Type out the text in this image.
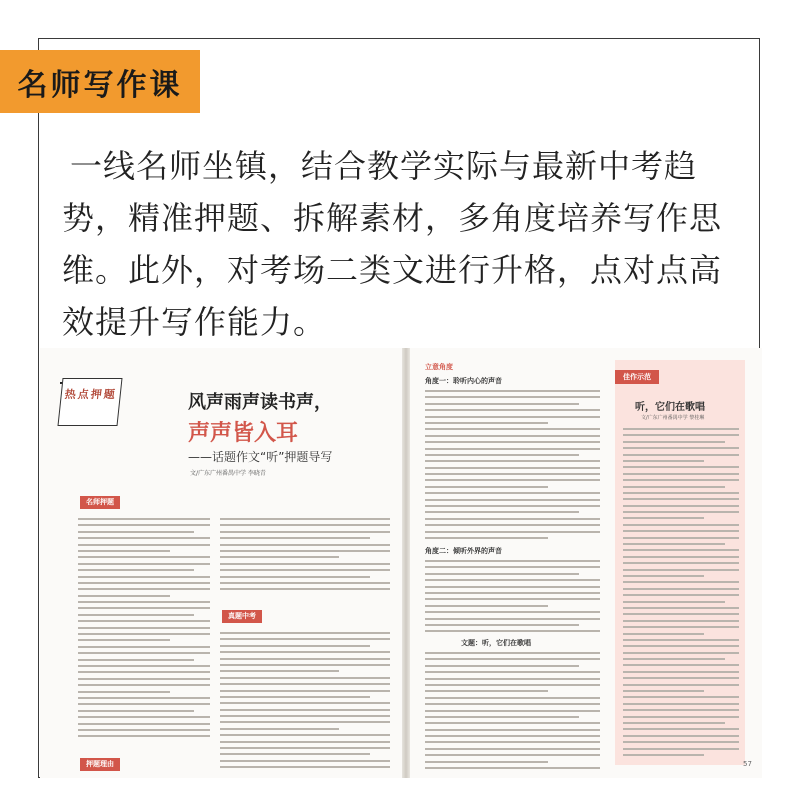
名师写作课
一线名师坐镇，结合教学实际与最新中考趋势，精准押题、拆解素材，多角度培养写作思维。此外，对考场二类文进行升格，点对点高效提升写作能力。
热点押题	风声雨声读书声，
声声皆入耳
——话题作文“听”押题导写
文/广东广州番禺中学 李晓青
名师押题
押题理由
真题中考
立意角度
角度一：聆听内心的声音
角度二：倾听外界的声音
文题：听，它们在歌唱
佳作示范
听，它们在歌唱
文/广东广州番禺中学 黎桂琳
57
